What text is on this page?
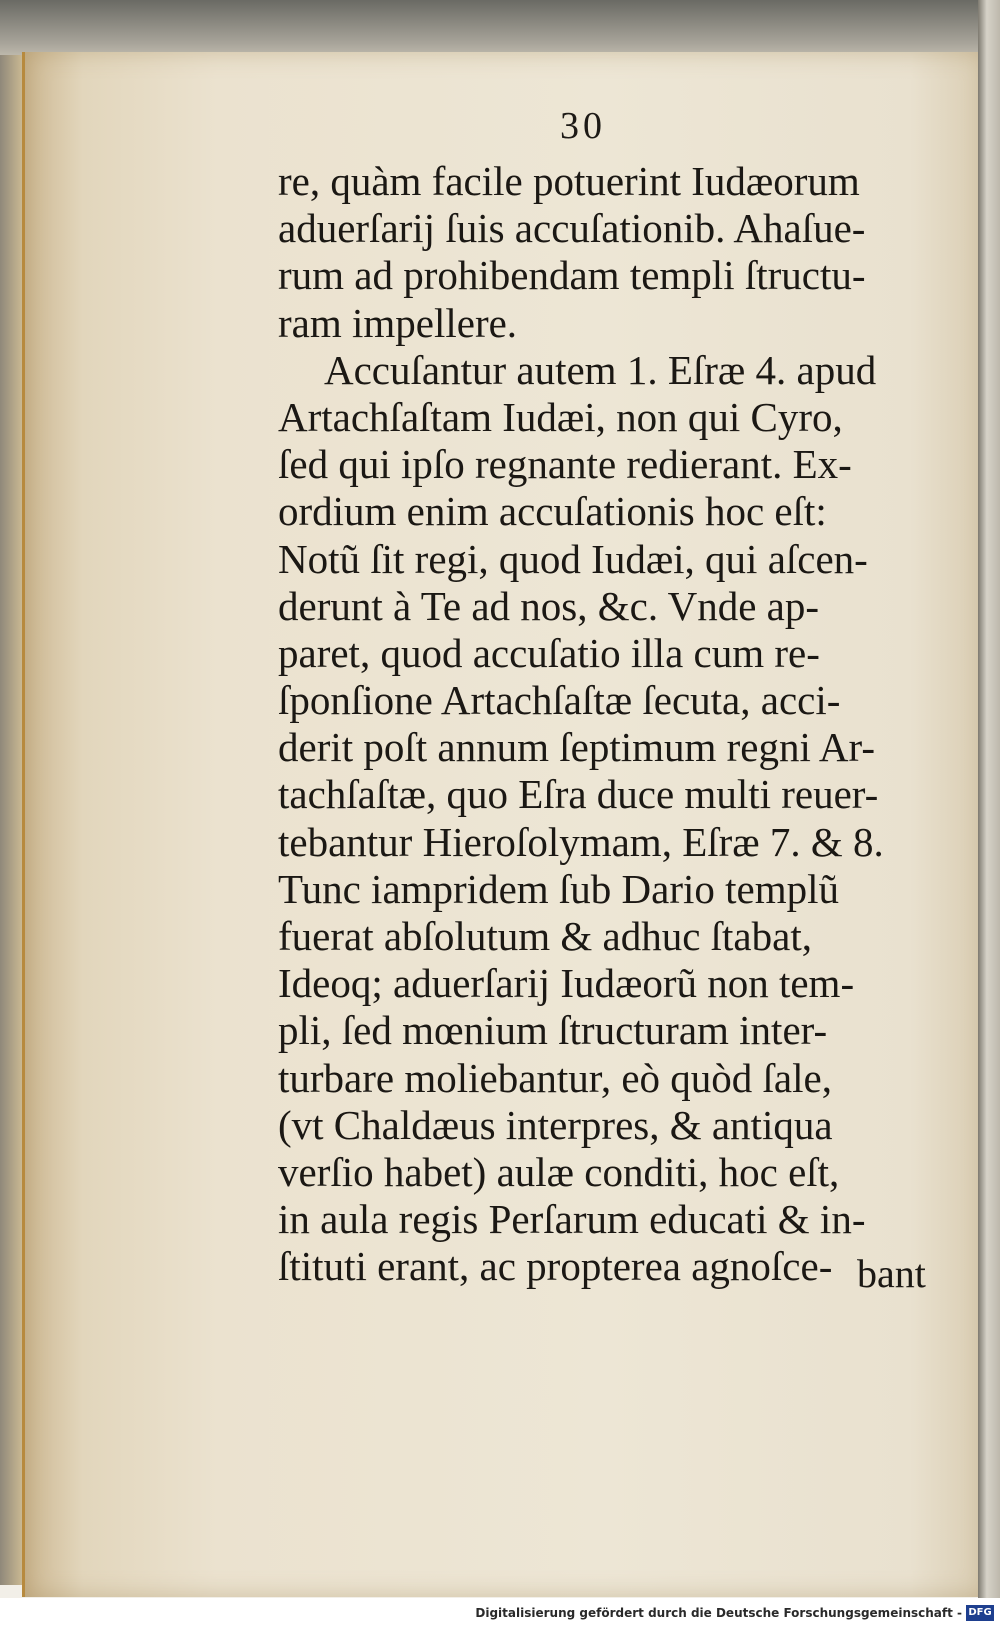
30
re, quàm facile potuerint Iudæorum
aduerſarij ſuis accuſationib. Ahaſue-
rum ad prohibendam templi ſtructu-
ram impellere.
Accuſantur autem 1. Eſræ 4. apud
Artachſaſtam Iudæi, non qui Cyro,
ſed qui ipſo regnante redierant. Ex-
ordium enim accuſationis hoc eſt:
Notũ ſit regi, quod Iudæi, qui aſcen-
derunt à Te ad nos, &c. Vnde ap-
paret, quod accuſatio illa cum re-
ſponſione Artachſaſtæ ſecuta, acci-
derit poſt annum ſeptimum regni Ar-
tachſaſtæ, quo Eſra duce multi reuer-
tebantur Hieroſolymam, Eſræ 7. & 8.
Tunc iampridem ſub Dario templũ
fuerat abſolutum & adhuc ſtabat,
Ideoq; aduerſarij Iudæorũ non tem-
pli, ſed mœnium ſtructuram inter-
turbare moliebantur, eò quòd ſale,
(vt Chaldæus interpres, & antiqua
verſio habet) aulæ conditi, hoc eſt,
in aula regis Perſarum educati & in-
ſtituti erant, ac propterea agnoſce- bant
Digitalisierung gefördert durch die Deutsche Forschungsgemeinschaft - DFG
